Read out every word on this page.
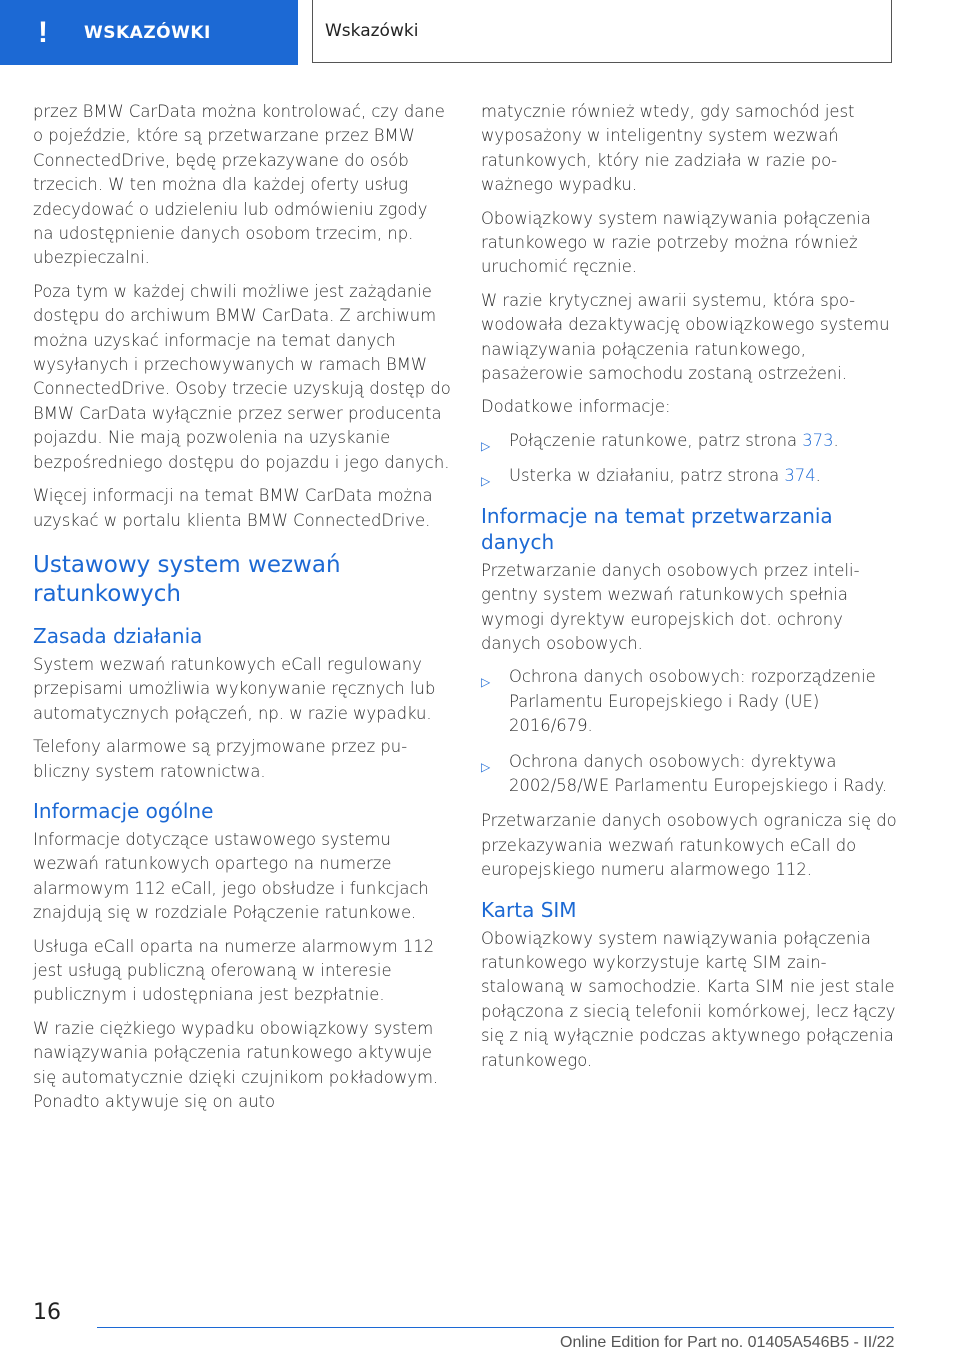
!	WSKAZÓWKI	Wskazówki

przez BMW CarData można kontrolować, czy dane o pojeździe, które są przetwarzane przez BMW ConnectedDrive, będę przekazywane do osób trzecich. W ten można dla każdej oferty usług zdecydować o udzieleniu lub odmówieniu zgody na udostępnienie danych osobom trzecim, np. ubezpieczalni.

Poza tym w każdej chwili możliwe jest zażądanie dostępu do archiwum BMW CarData. Z archiwum można uzyskać informacje na temat danych wysyłanych i przechowywanych w ramach BMW ConnectedDrive. Osoby trzecie uzyskują dostęp do BMW CarData wyłącznie przez serwer producenta pojazdu. Nie mają pozwolenia na uzyskanie bezpośredniego dostępu do pojazdu i jego danych.

Więcej informacji na temat BMW CarData można uzyskać w portalu klienta BMW ConnectedDrive.

Ustawowy system wezwań ratunkowych
Zasada działania

System wezwań ratunkowych eCall regulowany przepisami umożliwia wykonywanie ręcznych lub automatycznych połączeń, np. w razie wypadku.

Telefony alarmowe są przyjmowane przez publiczny system ratownictwa.

Informacje ogólne

Informacje dotyczące ustawowego systemu wezwań ratunkowych opartego na numerze alarmowym 112 eCall, jego obsłudze i funkcjach znajdują się w rozdziale Połączenie ratunkowe.

Usługa eCall oparta na numerze alarmowym 112 jest usługą publiczną oferowaną w interesie publicznym i udostępniana jest bezpłatnie.

W razie ciężkiego wypadku obowiązkowy system nawiązywania połączenia ratunkowego aktywuje się automatycznie dzięki czujnikom pokładowym. Ponadto aktywuje się on auto

matycznie również wtedy, gdy samochód jest wyposażony w inteligentny system wezwań ratunkowych, który nie zadziała w razie poważnego wypadku.

Obowiązkowy system nawiązywania połączenia ratunkowego w razie potrzeby można również uruchomić ręcznie.

W razie krytycznej awarii systemu, która spowodowała dezaktywację obowiązkowego systemu nawiązywania połączenia ratunkowego, pasażerowie samochodu zostaną ostrzeżeni.

Dodatkowe informacje:

▷ Połączenie ratunkowe, patrz strona 373.
▷ Usterka w działaniu, patrz strona 374.
Informacje na temat przetwarzania danych

Przetwarzanie danych osobowych przez inteligentny system wezwań ratunkowych spełnia wymogi dyrektyw europejskich dot. ochrony danych osobowych.

▷ Ochrona danych osobowych: rozporządzenie Parlamentu Europejskiego i Rady (UE) 2016/679.
▷ Ochrona danych osobowych: dyrektywa 2002/58/WE Parlamentu Europejskiego i Rady.

Przetwarzanie danych osobowych ogranicza się do przekazywania wezwań ratunkowych eCall do europejskiego numeru alarmowego 112.

Karta SIM

Obowiązkowy system nawiązywania połączenia ratunkowego wykorzystuje kartę SIM zainstalowaną w samochodzie. Karta SIM nie jest stale połączona z siecią telefonii komórkowej, lecz łączy się z nią wyłącznie podczas aktywnego połączenia ratunkowego.

16
Online Edition for Part no. 01405A546B5 - II/22
